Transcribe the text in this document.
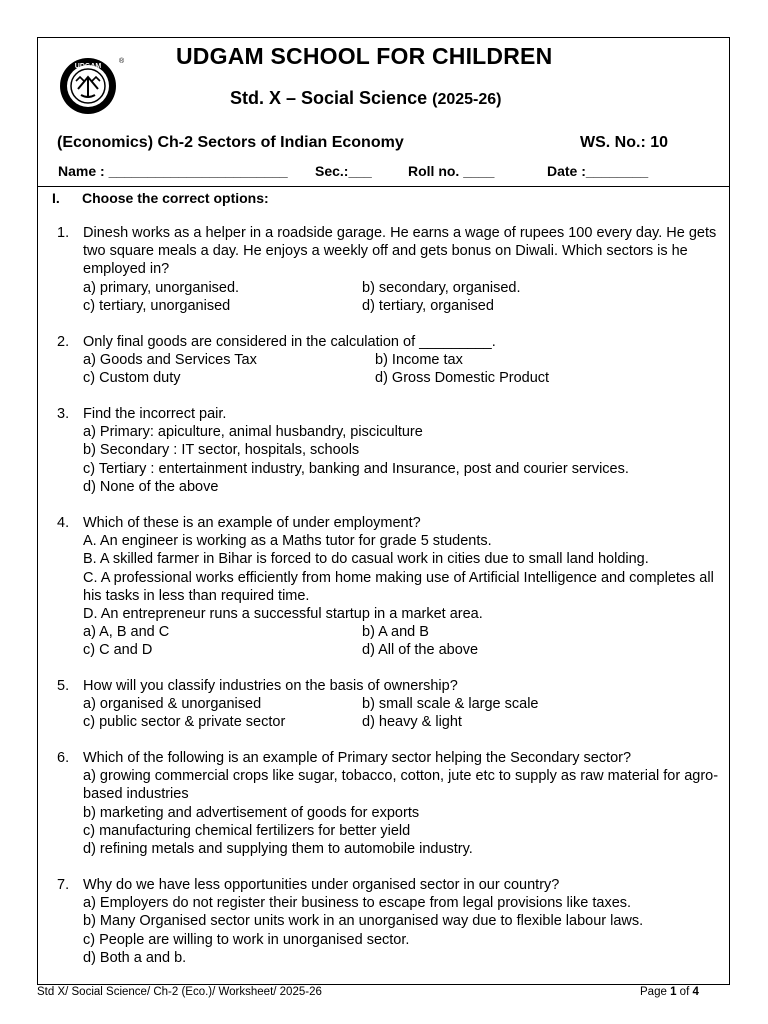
UDGAM
® UDGAM SCHOOL FOR CHILDREN
Std. X – Social Science (2025-26)
(Economics) Ch-2 Sectors of Indian Economy	WS. No.: 10
Name : _______________________ Sec.:___	Roll no. ____	Date :________
I. Choose the correct options:
1. Dinesh works as a helper in a roadside garage. He earns a wage of rupees 100 every day. He gets two square meals a day. He enjoys a weekly off and gets bonus on Diwali. Which sectors is he employed in?
a) primary, unorganised.	b) secondary, organised.
c) tertiary, unorganised	d) tertiary, organised
2. Only final goods are considered in the calculation of _________.
a) Goods and Services Tax	b) Income tax
c) Custom duty	d) Gross Domestic Product
3. Find the incorrect pair.
a) Primary: apiculture, animal husbandry, pisciculture
b) Secondary : IT sector, hospitals, schools
c) Tertiary : entertainment industry, banking and Insurance, post and courier services.
d) None of the above
4. Which of these is an example of under employment?
A. An engineer is working as a Maths tutor for grade 5 students.
B. A skilled farmer in Bihar is forced to do casual work in cities due to small land holding.
C. A professional works efficiently from home making use of Artificial Intelligence and completes all his tasks in less than required time.
D. An entrepreneur runs a successful startup in a market area.
a) A, B and C	b) A and B
c) C and D	d) All of the above
5. How will you classify industries on the basis of ownership?
a) organised & unorganised	b) small scale & large scale
c) public sector & private sector	d) heavy & light
6. Which of the following is an example of Primary sector helping the Secondary sector?
a) growing commercial crops like sugar, tobacco, cotton, jute etc to supply as raw material for agro-based industries
b) marketing and advertisement of goods for exports
c) manufacturing chemical fertilizers for better yield
d) refining metals and supplying them to automobile industry.
7. Why do we have less opportunities under organised sector in our country?
a) Employers do not register their business to escape from legal provisions like taxes.
b) Many Organised sector units work in an unorganised way due to flexible labour laws.
c) People are willing to work in unorganised sector.
d) Both a and b.
Std X/ Social Science/ Ch-2 (Eco.)/ Worksheet/ 2025-26	Page 1 of 4
